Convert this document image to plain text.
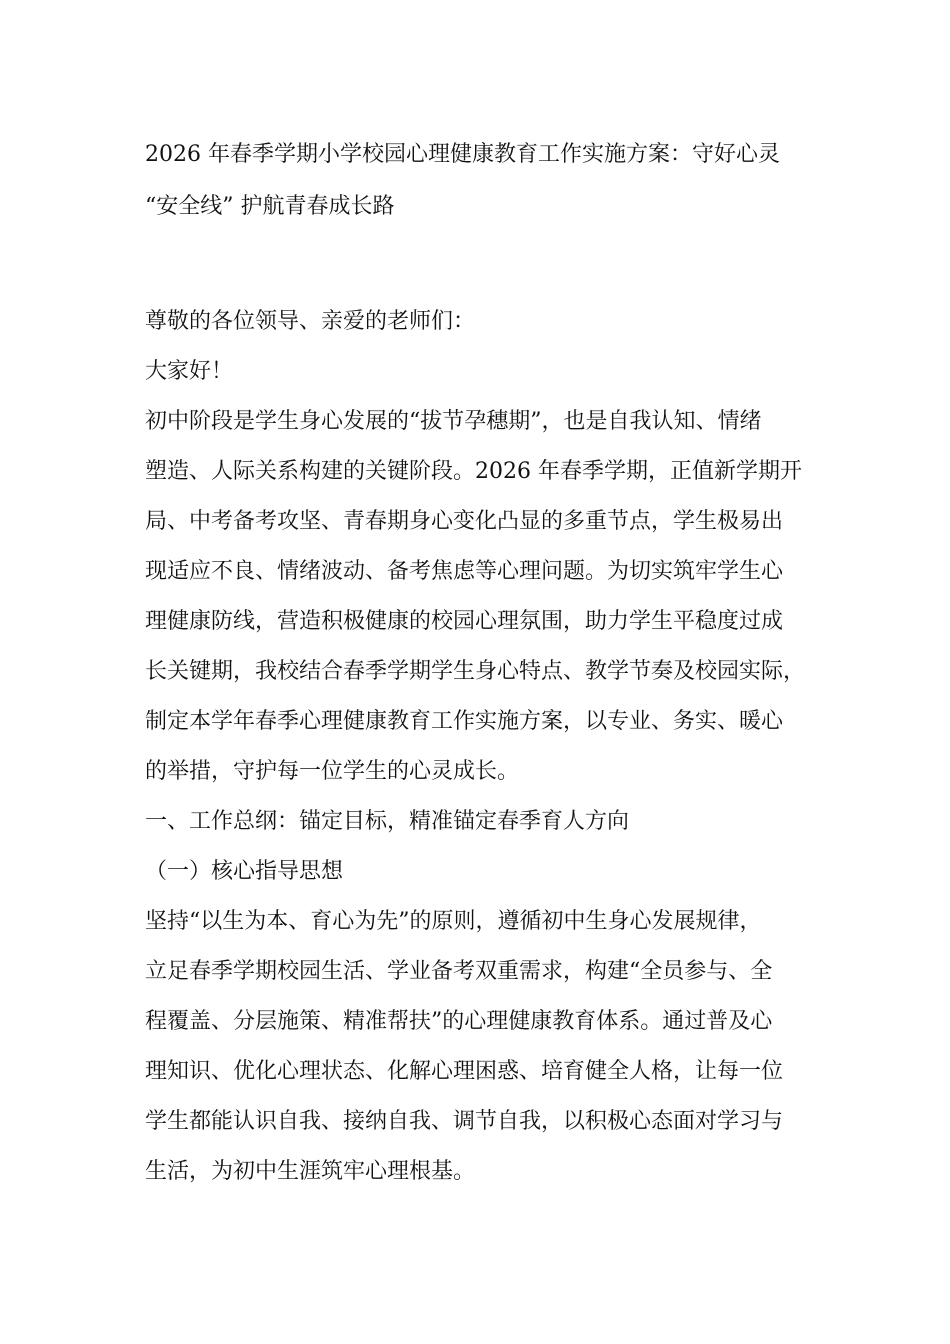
2026 年春季学期小学校园心理健康教育工作实施方案：守好心灵
“安全线” 护航青春成长路
尊敬的各位领导、亲爱的老师们：
大家好！
初中阶段是学生身心发展的“拔节孕穗期”，也是自我认知、情绪
塑造、人际关系构建的关键阶段。2026 年春季学期，正值新学期开
局、中考备考攻坚、青春期身心变化凸显的多重节点，学生极易出
现适应不良、情绪波动、备考焦虑等心理问题。为切实筑牢学生心
理健康防线，营造积极健康的校园心理氛围，助力学生平稳度过成
长关键期，我校结合春季学期学生身心特点、教学节奏及校园实际，
制定本学年春季心理健康教育工作实施方案，以专业、务实、暖心
的举措，守护每一位学生的心灵成长。
一、工作总纲：锚定目标，精准锚定春季育人方向
（一）核心指导思想
坚持“以生为本、育心为先”的原则，遵循初中生身心发展规律，
立足春季学期校园生活、学业备考双重需求，构建“全员参与、全
程覆盖、分层施策、精准帮扶”的心理健康教育体系。通过普及心
理知识、优化心理状态、化解心理困惑、培育健全人格，让每一位
学生都能认识自我、接纳自我、调节自我，以积极心态面对学习与
生活，为初中生涯筑牢心理根基。
